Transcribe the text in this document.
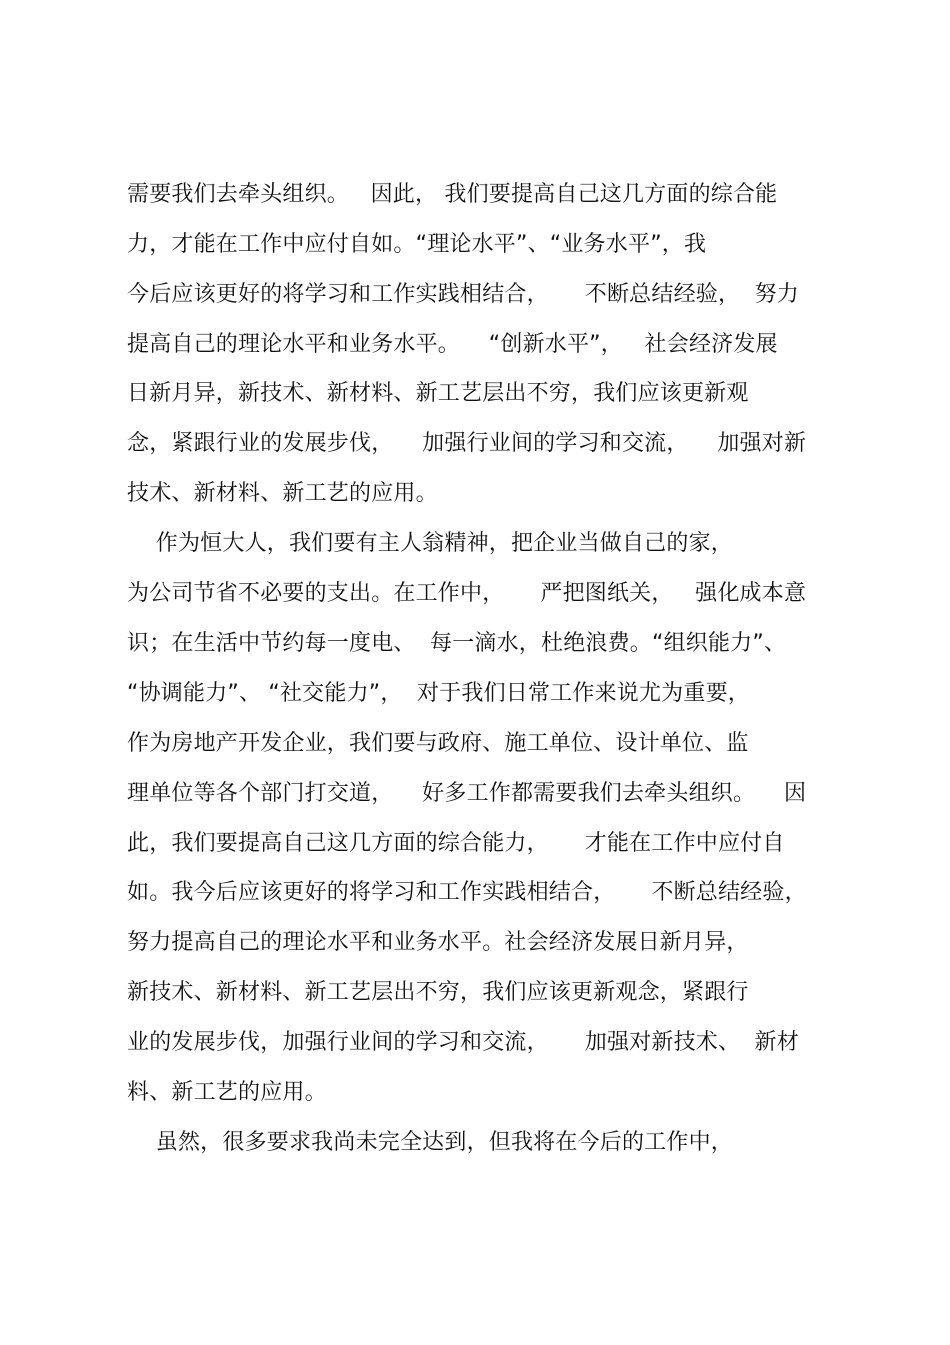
需要我们去牵头组织。   因此， 我们要提高自己这几方面的综合能
力，才能在工作中应付自如。“理论水平”、“业务水平”，我
今后应该更好的将学习和工作实践相结合，     不断总结经验，  努力
提高自己的理论水平和业务水平。    “创新水平”，   社会经济发展
日新月异，新技术、新材料、新工艺层出不穷，我们应该更新观
念，紧跟行业的发展步伐，    加强行业间的学习和交流，    加强对新
技术、新材料、新工艺的应用。
作为恒大人，我们要有主人翁精神，把企业当做自己的家，
为公司节省不必要的支出。在工作中，     严把图纸关，   强化成本意
识；在生活中节约每一度电、  每一滴水，杜绝浪费。“组织能力”、
“协调能力”、 “社交能力”，  对于我们日常工作来说尤为重要，
作为房地产开发企业，我们要与政府、施工单位、设计单位、监
理单位等各个部门打交道，    好多工作都需要我们去牵头组织。    因
此，我们要提高自己这几方面的综合能力，     才能在工作中应付自
如。我今后应该更好的将学习和工作实践相结合，     不断总结经验，
努力提高自己的理论水平和业务水平。社会经济发展日新月异，
新技术、新材料、新工艺层出不穷，我们应该更新观念，紧跟行
业的发展步伐，加强行业间的学习和交流，     加强对新技术、  新材
料、新工艺的应用。
虽然，很多要求我尚未完全达到，但我将在今后的工作中，
